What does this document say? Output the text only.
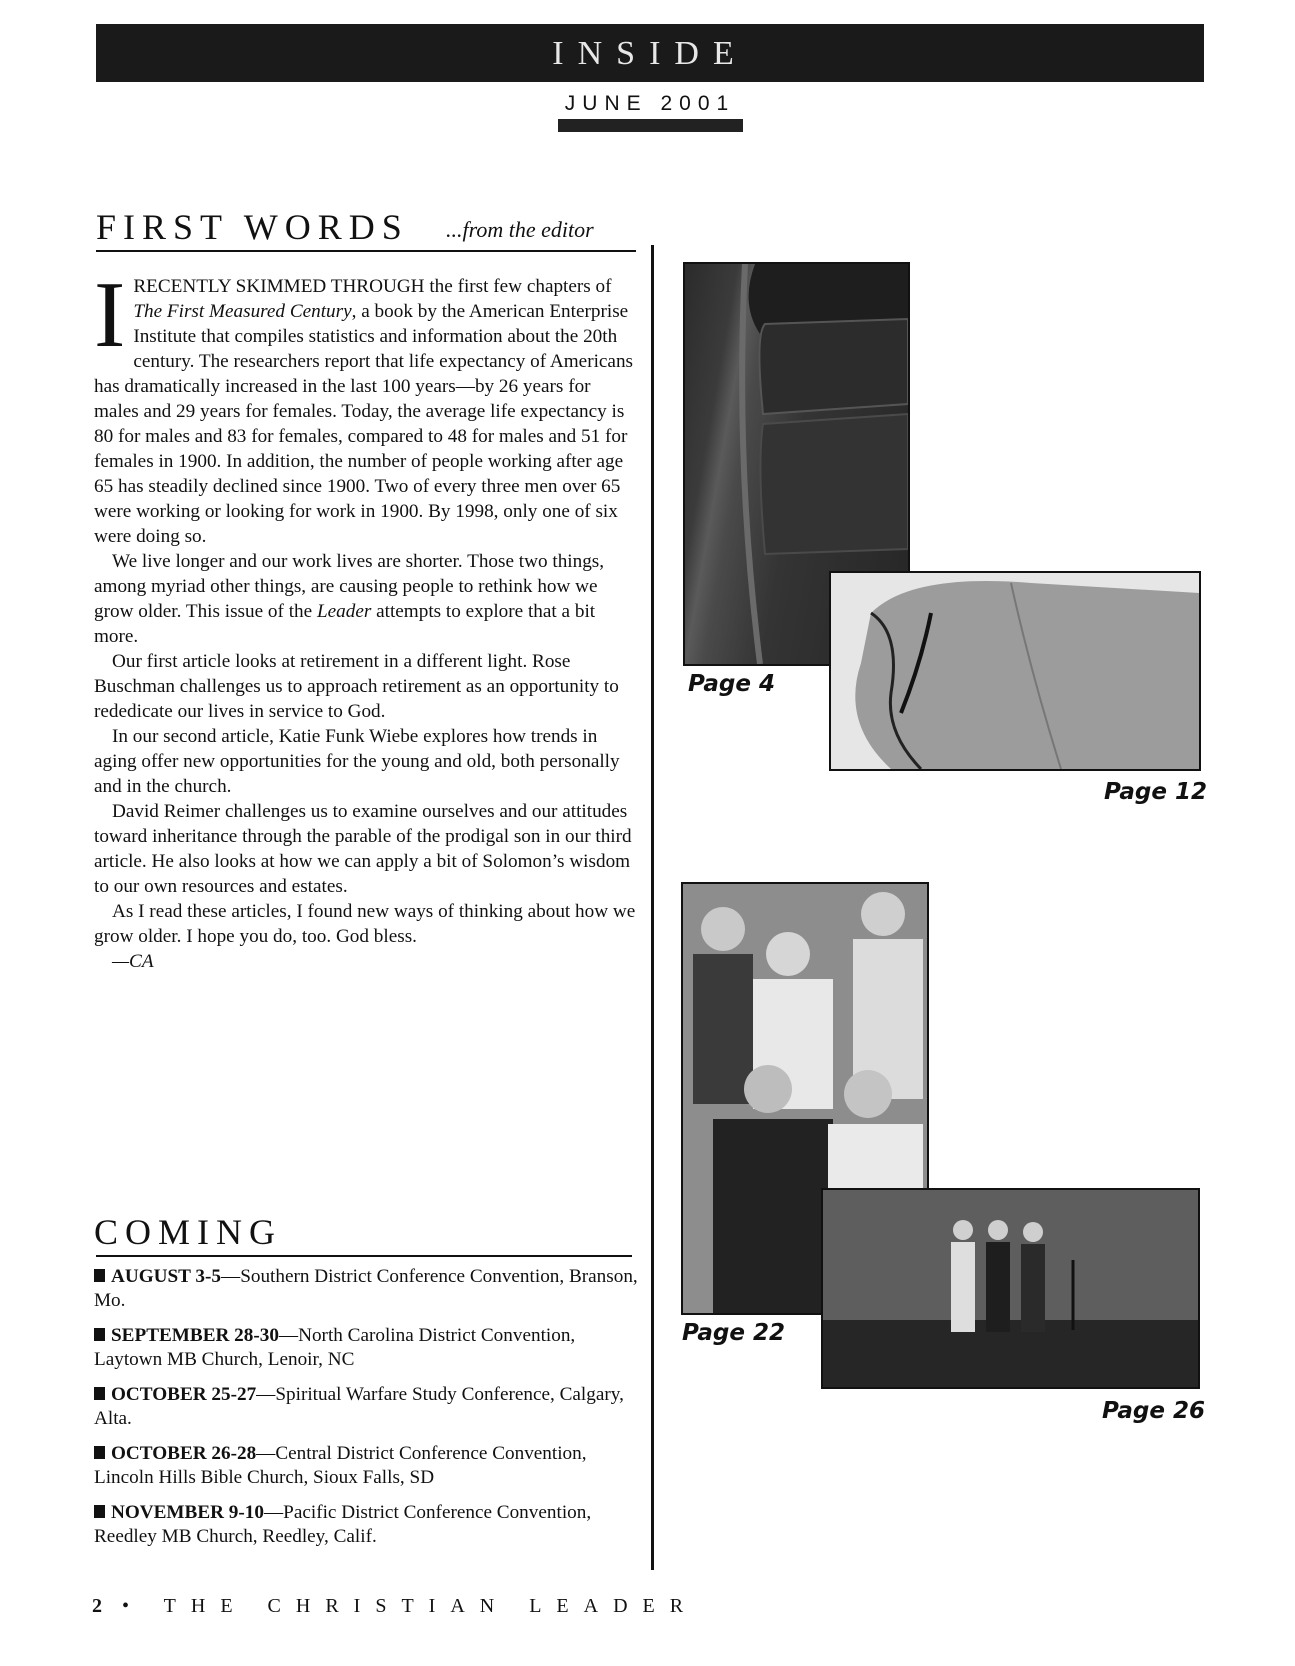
INSIDE
JUNE 2001
FIRST WORDS ...from the editor

IRECENTLY SKIMMED THROUGH the first few chapters of The First Measured Century, a book by the American Enterprise Institute that compiles statistics and information about the 20th century. The researchers report that life expectancy of Americans has dramatically increased in the last 100 years—by 26 years for males and 29 years for females. Today, the average life expectancy is 80 for males and 83 for females, compared to 48 for males and 51 for females in 1900. In addition, the number of people working after age 65 has steadily declined since 1900. Two of every three men over 65 were working or looking for work in 1900. By 1998, only one of six were doing so.

We live longer and our work lives are shorter. Those two things, among myriad other things, are causing people to rethink how we grow older. This issue of the Leader attempts to explore that a bit more.

Our first article looks at retirement in a different light. Rose Buschman challenges us to approach retirement as an opportunity to rededicate our lives in service to God.

In our second article, Katie Funk Wiebe explores how trends in aging offer new opportunities for the young and old, both personally and in the church.

David Reimer challenges us to examine ourselves and our attitudes toward inheritance through the parable of the prodigal son in our third article. He also looks at how we can apply a bit of Solomon’s wisdom to our own resources and estates.

As I read these articles, I found new ways of thinking about how we grow older. I hope you do, too. God bless.

—CA

COMING
AUGUST 3-5—Southern District Conference Convention, Branson, Mo.
SEPTEMBER 28-30—North Carolina District Convention, Laytown MB Church, Lenoir, NC
OCTOBER 25-27—Spiritual Warfare Study Conference, Calgary, Alta.
OCTOBER 26-28—Central District Conference Convention, Lincoln Hills Bible Church, Sioux Falls, SD
NOVEMBER 9-10—Pacific District Conference Convention, Reedley MB Church, Reedley, Calif.
Page 4
Page 12
Page 22
Page 26
2 • THE CHRISTIAN LEADER
